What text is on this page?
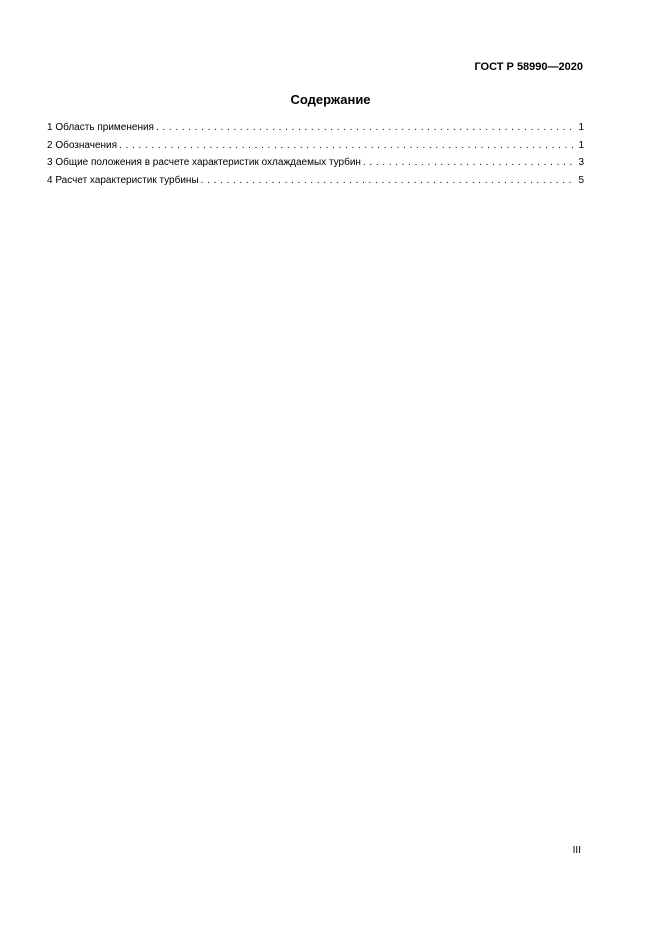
ГОСТ Р 58990—2020
Содержание
1 Область применения . . .	1
2 Обозначения . . .	1
3 Общие положения в расчете характеристик охлаждаемых турбин . . .	3
4 Расчет характеристик турбины . . .	5
III
